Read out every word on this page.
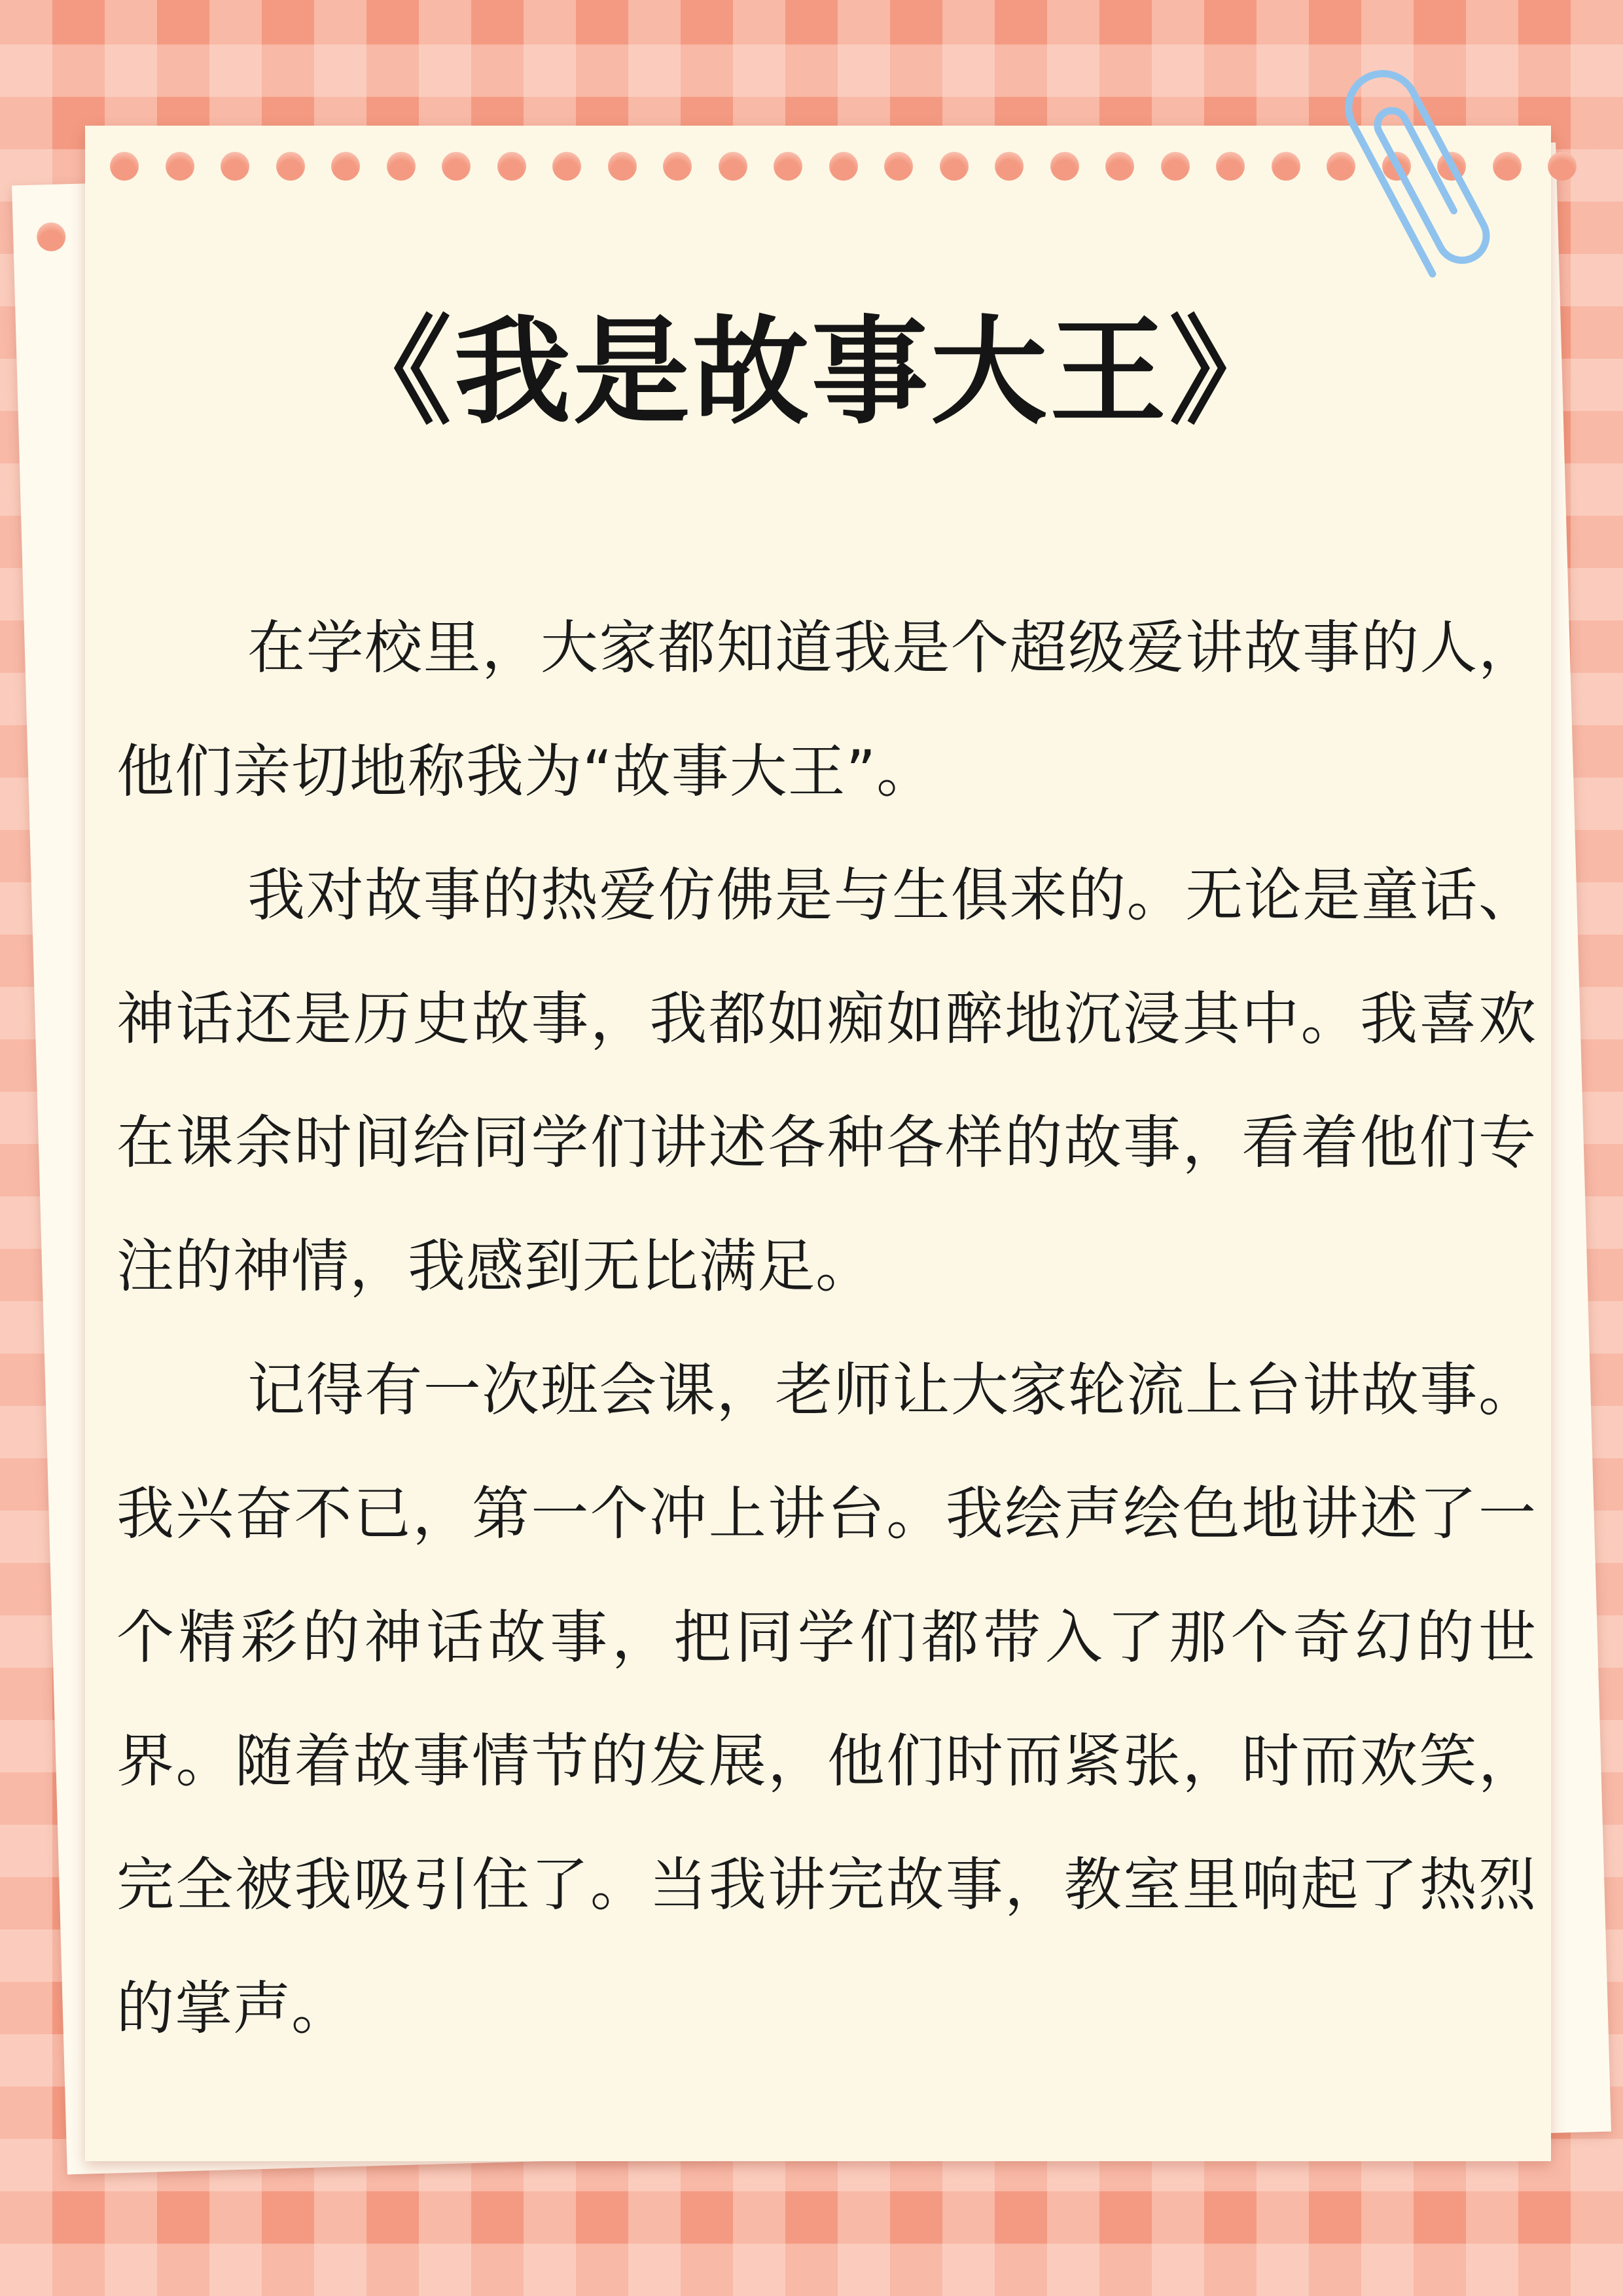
《我是故事大王》

在学校里，大家都知道我是个超级爱讲故事的人，他们亲切地称我为“故事大王”。

我对故事的热爱仿佛是与生俱来的。无论是童话、神话还是历史故事，我都如痴如醉地沉浸其中。我喜欢在课余时间给同学们讲述各种各样的故事，看着他们专注的神情，我感到无比满足。

记得有一次班会课，老师让大家轮流上台讲故事。我兴奋不已，第一个冲上讲台。我绘声绘色地讲述了一个精彩的神话故事，把同学们都带入了那个奇幻的世界。随着故事情节的发展，他们时而紧张，时而欢笑，完全被我吸引住了。当我讲完故事，教室里响起了热烈的掌声。
